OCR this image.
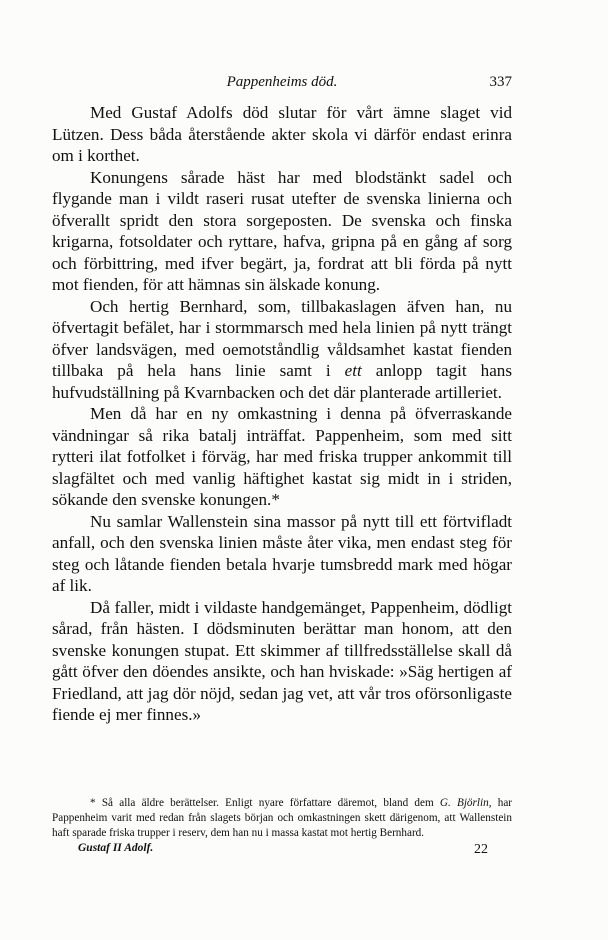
Pappenheims död.	337

Med Gustaf Adolfs död slutar för vårt ämne slaget vid Lützen. Dess båda återstående akter skola vi därför endast erinra om i korthet.

Konungens sårade häst har med blodstänkt sadel och flygande man i vildt raseri rusat utefter de svenska linierna och öfverallt spridt den stora sorgeposten. De svenska och finska krigarna, fotsoldater och ryttare, hafva, gripna på en gång af sorg och förbittring, med ifver begärt, ja, fordrat att bli förda på nytt mot fienden, för att hämnas sin älskade konung.

Och hertig Bernhard, som, tillbakaslagen äfven han, nu öfvertagit befälet, har i stormmarsch med hela linien på nytt trängt öfver landsvägen, med oemotståndlig våldsamhet kastat fienden tillbaka på hela hans linie samt i ett anlopp tagit hans hufvudställning på Kvarnbacken och det där planterade artilleriet.

Men då har en ny omkastning i denna på öfverraskande vändningar så rika batalj inträffat. Pappenheim, som med sitt rytteri ilat fotfolket i förväg, har med friska trupper ankommit till slagfältet och med vanlig häftighet kastat sig midt in i striden, sökande den svenske konungen.*

Nu samlar Wallenstein sina massor på nytt till ett förtvifladt anfall, och den svenska linien måste åter vika, men endast steg för steg och låtande fienden betala hvarje tumsbredd mark med högar af lik.

Då faller, midt i vildaste handgemänget, Pappenheim, dödligt sårad, från hästen. I dödsminuten berättar man honom, att den svenske konungen stupat. Ett skimmer af tillfredsställelse skall då gått öfver den döendes ansikte, och han hviskade: »Säg hertigen af Friedland, att jag dör nöjd, sedan jag vet, att vår tros oförsonligaste fiende ej mer finnes.»

* Så alla äldre berättelser. Enligt nyare författare däremot, bland dem G. Björlin, har Pappenheim varit med redan från slagets början och omkastningen skett därigenom, att Wallenstein haft sparade friska trupper i reserv, dem han nu i massa kastat mot hertig Bernhard.

Gustaf II Adolf.	22
